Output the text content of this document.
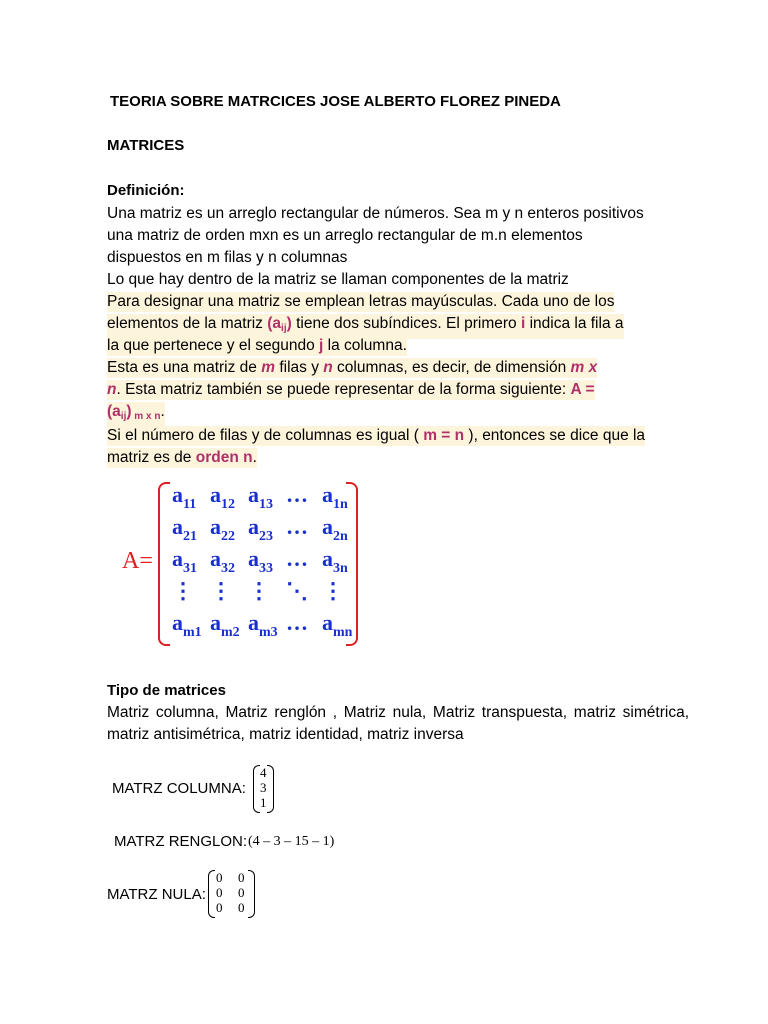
TEORIA SOBRE MATRCICES JOSE ALBERTO FLOREZ PINEDA
MATRICES
Definición:
Una matriz es un arreglo rectangular de números. Sea m y n enteros positivos
una matriz de orden mxn es un arreglo rectangular de m.n elementos
dispuestos en m filas y n columnas
Lo que hay dentro de la matriz se llaman componentes de la matriz
Para designar una matriz se emplean letras mayúsculas. Cada uno de los
elementos de la matriz $(a_{ij})$ tiene dos subíndices. El primero i indica la fila a
la que pertenece y el segundo j la columna.
Esta es una matriz de m filas y n columnas, es decir, de dimensión m x
n. Esta matriz también se puede representar de la forma siguiente: A =
$(a_{ij})$ $_{m x n}$.
Si el número de filas y de columnas es igual ( m = n ), entonces se dice que la
matriz es de orden n.
A=
$a_{11}$ $a_{12}$ $a_{13}$ … $a_{1n}$
$a_{21}$ $a_{22}$ $a_{23}$ … $a_{2n}$
$a_{31}$ $a_{32}$ $a_{33}$ … $a_{3n}$
⋮ ⋮ ⋮ ⋱ ⋮
$a_{m1}$ $a_{m2}$ $a_{m3}$ … $a_{mn}$
Tipo de matrices
Matriz columna, Matriz renglón , Matriz nula, Matriz transpuesta, matriz simétrica, matriz antisimétrica, matriz identidad, matriz inversa
MATRZ COLUMNA:
4
3
1
MATRZ RENGLON: (4 – 3 – 15 – 1)
MATRZ NULA:
0 0
0 0
0 0
